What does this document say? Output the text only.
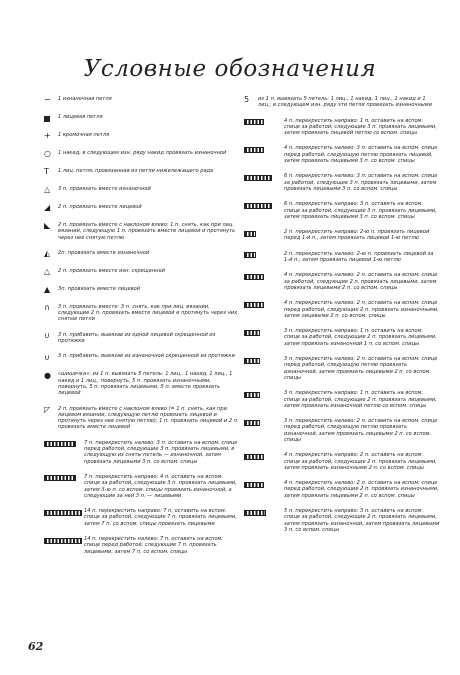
Условные обозначения
−	1 изнаночная петля
1 лицевая петля
+	1 кромочная петля
○	1 накид, в следующем изн. ряду накид провязать изнаночной
T	1 лиц. петля, провязанная из петли нижележащего ряда
△	3 п. провязать вместе изнаночной
◢	2 п. провязать вместе лицевой
◣	2 п. провязать вместе с наклоном влево: 1 п. снять, как при лиц. вязании, следующую 1 п. провязать вместе лицевой и протянуть через нее снятую петлю
◭	2п. провязать вместе изнаночной
△	2 п. провязать вместе изн. скрещенной
▲	3п. провязать вместе лицевой
∩	3 п. провязать вместе: 3 п. снять, как при лиц. вязании, следующие 2 п. провязать вместе лицевой и протянуть через них снятые петли
∪	3 п. прибавить, вывязав из одной лицевой скрещенной из протяжки
∪	3 п. прибавить, вывязав из изнаночной скрещенной из протяжки
●	«шишечка»: из 1 п. вывязать 5 петель: 1 лиц., 1 накид, 1 лиц., 1 накид и 1 лиц.; повернуть, 5 п. провязать изнаночными, повернуть, 5 п. провязать лицевыми, 5 п. вместе провязать лицевой
◸	2 п. провязать вместе с наклоном влево (= 1 п. снять, как при лицевом вязании, следующую петлю провязать лицевой и протянуть через нее снятую петлю); 1 п. провязать лицевой и 2 п. провязать вместе лицевой
7 п. перекрестить налево: 3 п. оставить на вспом. спице перед работой, следующие 3 п. провязать лицевыми, в следующую из сняты петель — изнаночной, затем провязать лицевыми 3 п. со вспом. спицы
7 п. перекрестить направо: 4 п. оставить на вспом. спице за работой, следующие 3 п. провязать лицевыми, затем 3-ю п. со вспом. спицы провязать изнаночной, а следующие за ней 3 п. — лицевыми
14 п. перекрестить направо: 7 п. оставить на вспом. спице за работой, следующие 7 п. провязать лицевыми, затем 7 п. со вспом. спицы провязать лицевыми
14 п. перекрестить налево: 7 п. оставить на вспом. спице перед работой, следующие 7 п. провязать лицевыми, затем 7 п. со вспом. спицы
5	из 1 п. вывязать 5 петель: 1 лиц., 1 накид, 1 лиц., 1 накид и 1 лиц.; в следующем изн. ряду эти петли провязать изнаночными
4 п. перекрестить направо: 1 п. оставить на вспом. спице за работой, следующие 3 п. провязать лицевыми, затем провязать лицевой петлю со вспом. спицы
4 п. перекрестить налево: 3 п. оставить на вспом. спице перед работой, следующую петлю провязать лицевой, затем провязать лицевыми 3 п. со вспом. спицы
6 п. перекрестить налево: 3 п. оставить на вспом. спице за работой, следующие 3 п. провязать лицевыми, затем провязать лицевыми 3 п. со вспом. спицы
6 п. перекрестить направо: 3 п. оставить на вспом. спице за работой, следующие 3 п. провязать лицевыми, затем провязать лицевыми 3 п. со вспом. спицы
2 п. перекрестить направо: 2-ю п. провязать лицевой перед 1-й п., затем провязать лицевой 1-ю петлю
2 п. перекрестить налево: 2-ю п. провязать лицевой за 1-й п., затем провязать лицевой 1-ю петлю
4 п. перекрестить налево: 2 п. оставить на вспом. спице за работой, следующие 2 п. провязать лицевыми, затем провязать лицевыми 2 п. со вспом. спицы
4 п. перекрестить налево: 2 п. оставить на вспом. спице перед работой, следующие 2 п. провязать изнаночными, затем лицевыми 2 п. со вспом. спицы
3 п. перекрестить направо: 1 п. оставить на вспом. спице за работой, следующие 2 п. провязать лицевыми, затем провязать изнаночной 1 п. со вспом. спицы
3 п. перекрестить налево: 2 п. оставить на вспом. спице перед работой, следующую петлю провязать изнаночной, затем провязать лицевыми 2 п. со вспом. спицы
3 п. перекрестить направо: 1 п. оставить на вспом. спице за работой, следующие 2 п. провязать лицевыми, затем провязать изнаночной петлю со вспом. спицы
3 п. перекрестить налево: 2 п. оставить на вспом. спице перед работой, следующую петлю провязать изнаночной, затем провязать лицевыми 2 п. со вспом. спицы
4 п. перекрестить направо: 2 п. оставить на вспом. спице за работой, следующие 2 п. провязать лицевыми, затем провязать изнаночными 2 п. со вспом. спицы
4 п. перекрестить налево: 2 п. оставить на вспом. спице перед работой, следующие 2 п. провязать изнаночными, затем провязать лицевыми 2 п. со вспом. спицы
5 п. перекрестить направо: 3 п. оставить на вспом. спице за работой, следующие 2 п. провязать лицевыми, затем провязать изнаночной, затем провязать лицевыми 3 п. со вспом. спицы
62
